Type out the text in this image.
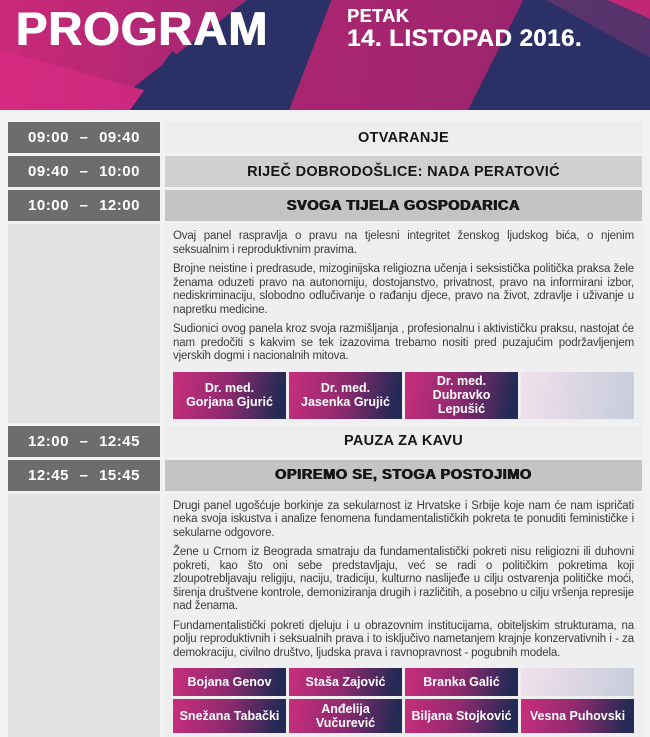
PROGRAM	PETAK
14. LISTOPAD 2016.
09:00 – 09:40	OTVARANJE
09:40 – 10:00	RIJEČ DOBRODOŠLICE: NADA PERATOVIĆ
10:00 – 12:00	SVOGA TIJELA GOSPODARICA

Ovaj panel raspravlja o pravu na tjelesni integritet ženskog ljudskog bića, o njenim seksualnim i reproduktivnim pravima.

Brojne neistine i predrasude, mizoginijska religiozna učenja i seksistička politička praksa žele ženama oduzeti pravo na autonomiju, dostojanstvo, privatnost, pravo na informirani izbor, nediskriminaciju, slobodno odlučivanje o rađanju djece, pravo na život, zdravlje i uživanje u napretku medicine.

Sudionici ovog panela kroz svoja razmišljanja , profesionalnu i aktivističku praksu, nastojat će nam predočiti s kakvim se tek izazovima trebamo nositi pred puzajućim podržavljenjem vjerskih dogmi i nacionalnih mitova.

Dr. med.
Gorjana Gjurić
Dr. med.
Jasenka Grujić
Dr. med.
Dubravko Lepušić
12:00 – 12:45	PAUZA ZA KAVU
12:45 – 15:45	OPIREMO SE, STOGA POSTOJIMO

Drugi panel ugošćuje borkinje za sekularnost iz Hrvatske i Srbije koje nam će nam ispričati neka svoja iskustva i analize fenomena fundamentalističkih pokreta te ponuditi feminističke i sekularne odgovore.

Žene u Crnom iz Beograda smatraju da fundamentalistički pokreti nisu religiozni ili duhovni pokreti, kao što oni sebe predstavljaju, već se radi o političkim pokretima koji zloupotrebljavaju religiju, naciju, tradiciju, kulturno naslijeđe u cilju ostvarenja političke moći, širenja društvene kontrole, demoniziranja drugih i različitih, a posebno u cilju vršenja represije nad ženama.

Fundamentalistički pokreti djeluju i u obrazovnim institucijama, obiteljskim strukturama, na polju reproduktivnih i seksualnih prava i to isključivo nametanjem krajnje konzervativnih i - za demokraciju, civilno društvo, ljudska prava i ravnopravnost - pogubnih modela.

Bojana Genov	Staša Zajović	Branka Galić
Snežana Tabački
Anđelija Vučurević
Biljana Stojković Vesna Puhovski
